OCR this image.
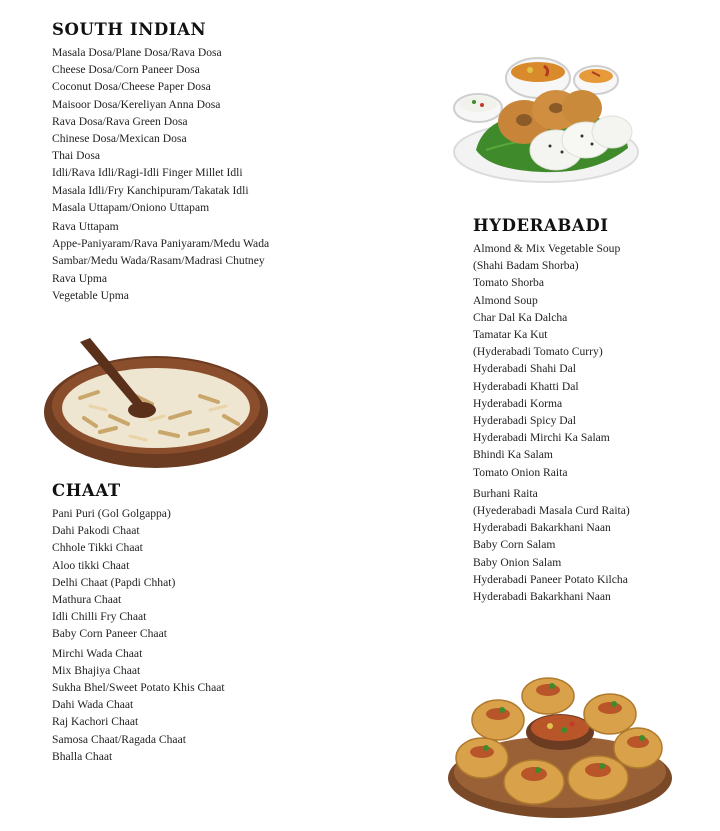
SOUTH INDIAN
Masala Dosa/Plane Dosa/Rava Dosa
Cheese Dosa/Corn Paneer Dosa
Coconut Dosa/Cheese Paper Dosa
Maisoor Dosa/Kereliyan Anna Dosa
Rava Dosa/Rava Green Dosa
Chinese Dosa/Mexican Dosa
Thai Dosa
Idli/Rava Idli/Ragi-Idli Finger Millet Idli
Masala Idli/Fry Kanchipuram/Takatak Idli
Masala Uttapam/Oniono Uttapam
Rava Uttapam
Appe-Paniyaram/Rava Paniyaram/Medu Wada
Sambar/Medu Wada/Rasam/Madrasi Chutney
Rava Upma
Vegetable Upma
HYDERABADI
Almond & Mix Vegetable Soup
(Shahi Badam Shorba)
Tomato Shorba
Almond Soup
Char Dal Ka Dalcha
Tamatar Ka Kut
(Hyderabadi Tomato Curry)
Hyderabadi Shahi Dal
Hyderabadi Khatti Dal
Hyderabadi Korma
Hyderabadi Spicy Dal
Hyderabadi Mirchi Ka Salam
Bhindi Ka Salam
Tomato Onion Raita
Burhani Raita
(Hyederabadi Masala Curd Raita)
Hyderabadi Bakarkhani Naan
Baby Corn Salam
Baby Onion Salam
Hyderabadi Paneer Potato Kilcha
Hyderabadi Bakarkhani Naan
CHAAT
Pani Puri (Gol Golgappa)
Dahi Pakodi Chaat
Chhole Tikki Chaat
Aloo tikki Chaat
Delhi Chaat (Papdi Chhat)
Mathura Chaat
Idli Chilli Fry Chaat
Baby Corn Paneer Chaat
Mirchi Wada Chaat
Mix Bhajiya Chaat
Sukha Bhel/Sweet Potato Khis Chaat
Dahi Wada Chaat
Raj Kachori Chaat
Samosa Chaat/Ragada Chaat
Bhalla Chaat
